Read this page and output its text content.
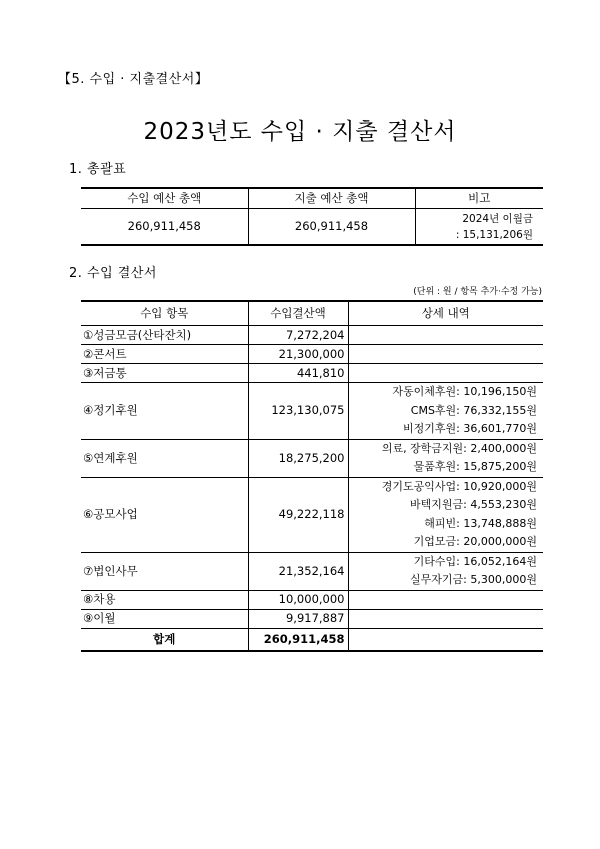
【5. 수입 · 지출결산서】
2023년도 수입 · 지출 결산서
1. 총괄표
수입 예산 총액	지출 예산 총액	비고
260,911,458	260,911,458	2024년 이월금
: 15,131,206원
2. 수입 결산서
(단위 : 원 / 항목 추가·수정 가능)
수입 항목	수입결산액	상세 내역
①성금모금(산타잔치)	7,272,204	
②콘서트	21,300,000	
③저금통	441,810	
④정기후원	123,130,075	자동이체후원: 10,196,150원
CMS후원: 76,332,155원
비정기후원: 36,601,770원

⑤연계후원	18,275,200	의료, 장학금지원: 2,400,000원
물품후원: 15,875,200원

⑥공모사업	49,222,118	경기도공익사업: 10,920,000원
바텍지원금: 4,553,230원
해피빈: 13,748,888원
기업모금: 20,000,000원

⑦법인사무	21,352,164	기타수입: 16,052,164원
실무자기금: 5,300,000원

⑧차용	10,000,000	
⑨이월	9,917,887	
합계	260,911,458	
